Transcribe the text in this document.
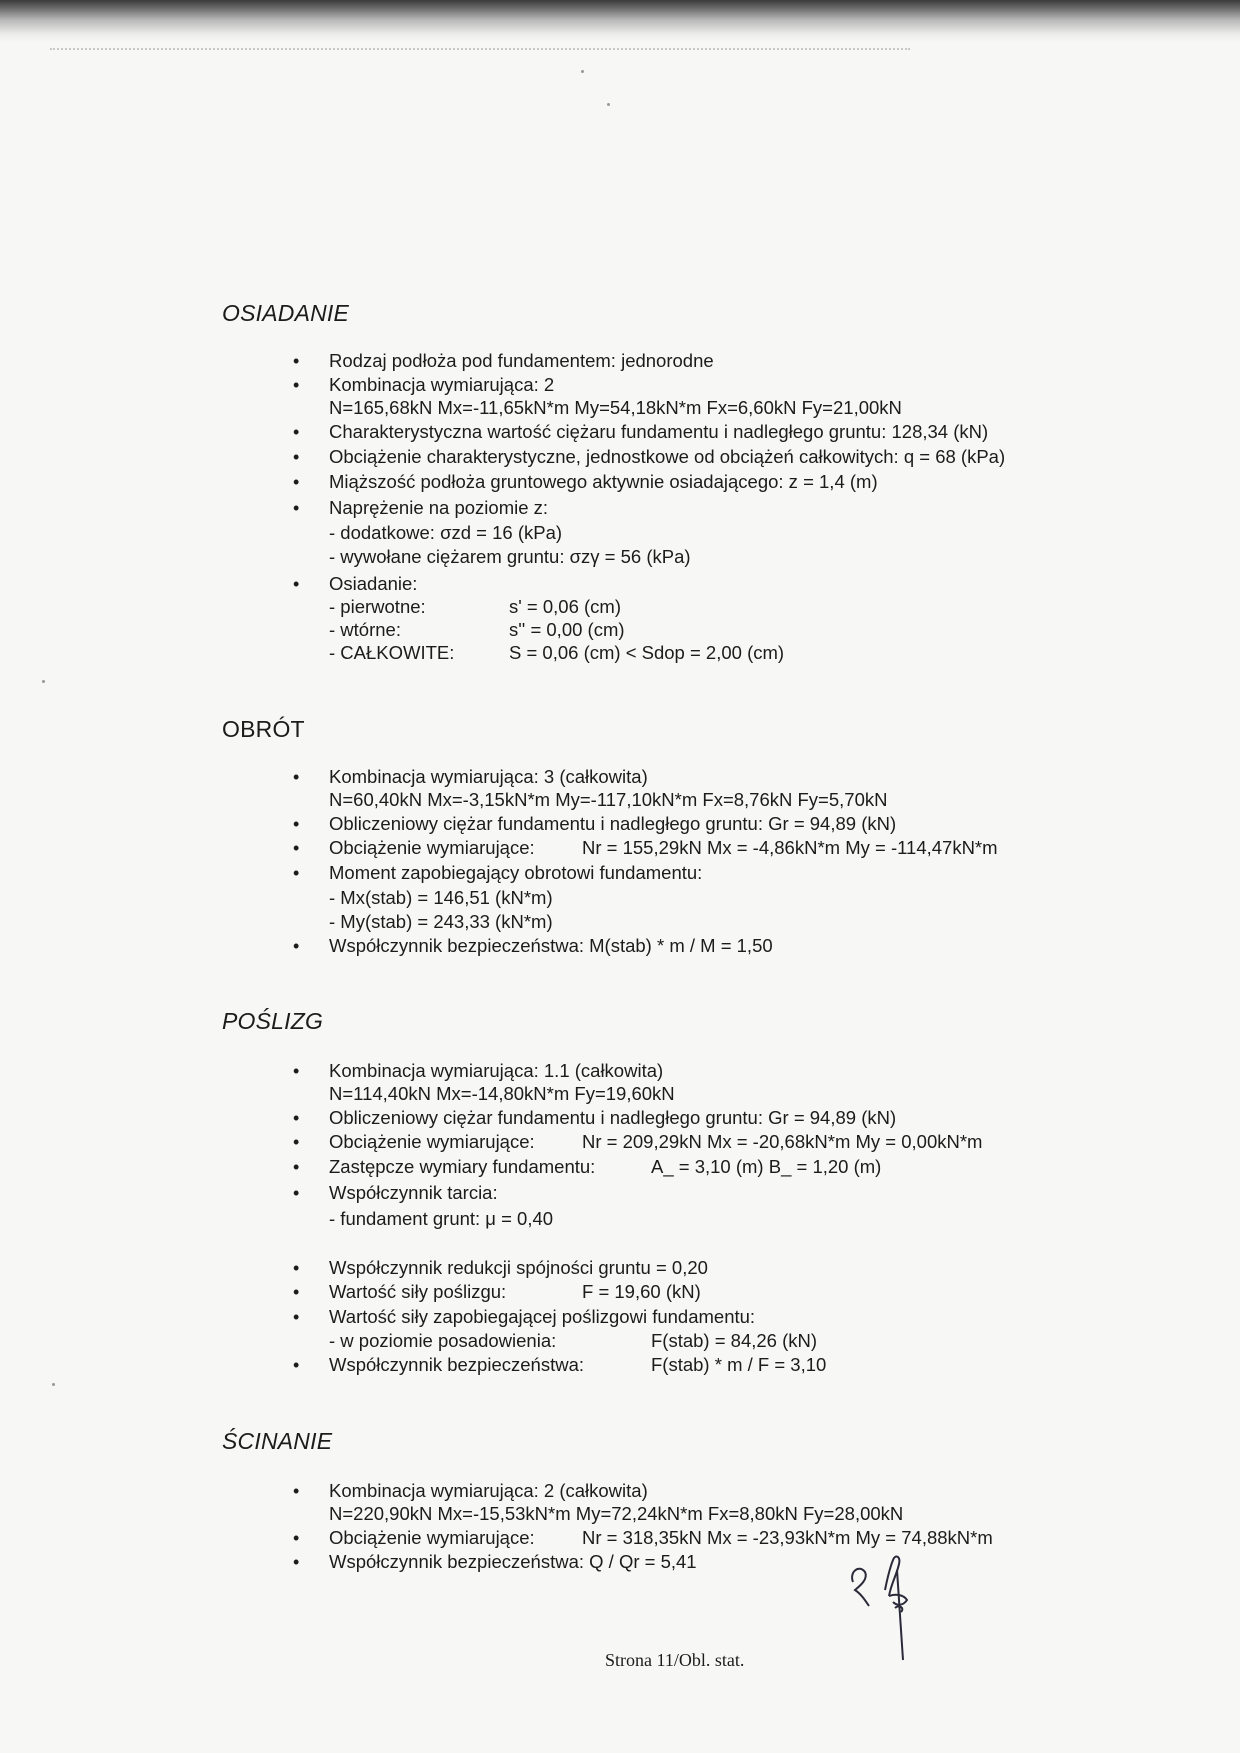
OSIADANIE
• Rodzaj podłoża pod fundamentem: jednorodne
• Kombinacja wymiarująca: 2
N=165,68kN Mx=-11,65kN*m My=54,18kN*m Fx=6,60kN Fy=21,00kN
• Charakterystyczna wartość ciężaru fundamentu i nadległego gruntu: 128,34 (kN)
• Obciążenie charakterystyczne, jednostkowe od obciążeń całkowitych: q = 68 (kPa)
• Miąższość podłoża gruntowego aktywnie osiadającego: z = 1,4 (m)
• Naprężenie na poziomie z:
- dodatkowe: σzd = 16 (kPa)
- wywołane ciężarem gruntu: σzγ = 56 (kPa)
• Osiadanie:
- pierwotne:	s' = 0,06 (cm)
- wtórne:	s'' = 0,00 (cm)
- CAŁKOWITE:	S = 0,06 (cm) < Sdop = 2,00 (cm)
OBRÓT
• Kombinacja wymiarująca: 3 (całkowita)
N=60,40kN Mx=-3,15kN*m My=-117,10kN*m Fx=8,76kN Fy=5,70kN
• Obliczeniowy ciężar fundamentu i nadległego gruntu: Gr = 94,89 (kN)
Obciążenie wymiarujące:	Nr = 155,29kN Mx = -4,86kN*m My = -114,47kN*m
• Moment zapobiegający obrotowi fundamentu:
- Mx(stab) = 146,51 (kN*m)
- My(stab) = 243,33 (kN*m)
• Współczynnik bezpieczeństwa: M(stab) * m / M = 1,50
POŚLIZG
• Kombinacja wymiarująca: 1.1 (całkowita)
N=114,40kN Mx=-14,80kN*m Fy=19,60kN
• Obliczeniowy ciężar fundamentu i nadległego gruntu: Gr = 94,89 (kN)
Obciążenie wymiarujące:	Nr = 209,29kN Mx = -20,68kN*m My = 0,00kN*m
Zastępcze wymiary fundamentu:	A_ = 3,10 (m) B_ = 1,20 (m)
• Współczynnik tarcia:
- fundament grunt: μ = 0,40
• Współczynnik redukcji spójności gruntu = 0,20
Wartość siły poślizgu:	F = 19,60 (kN)
• Wartość siły zapobiegającej poślizgowi fundamentu:
- w poziomie posadowienia:	F(stab) = 84,26 (kN)
Współczynnik bezpieczeństwa:	F(stab) * m / F = 3,10
ŚCINANIE
• Kombinacja wymiarująca: 2 (całkowita)
N=220,90kN Mx=-15,53kN*m My=72,24kN*m Fx=8,80kN Fy=28,00kN
Obciążenie wymiarujące:	Nr = 318,35kN Mx = -23,93kN*m My = 74,88kN*m
• Współczynnik bezpieczeństwa: Q / Qr = 5,41
Strona 11/Obl. stat.
